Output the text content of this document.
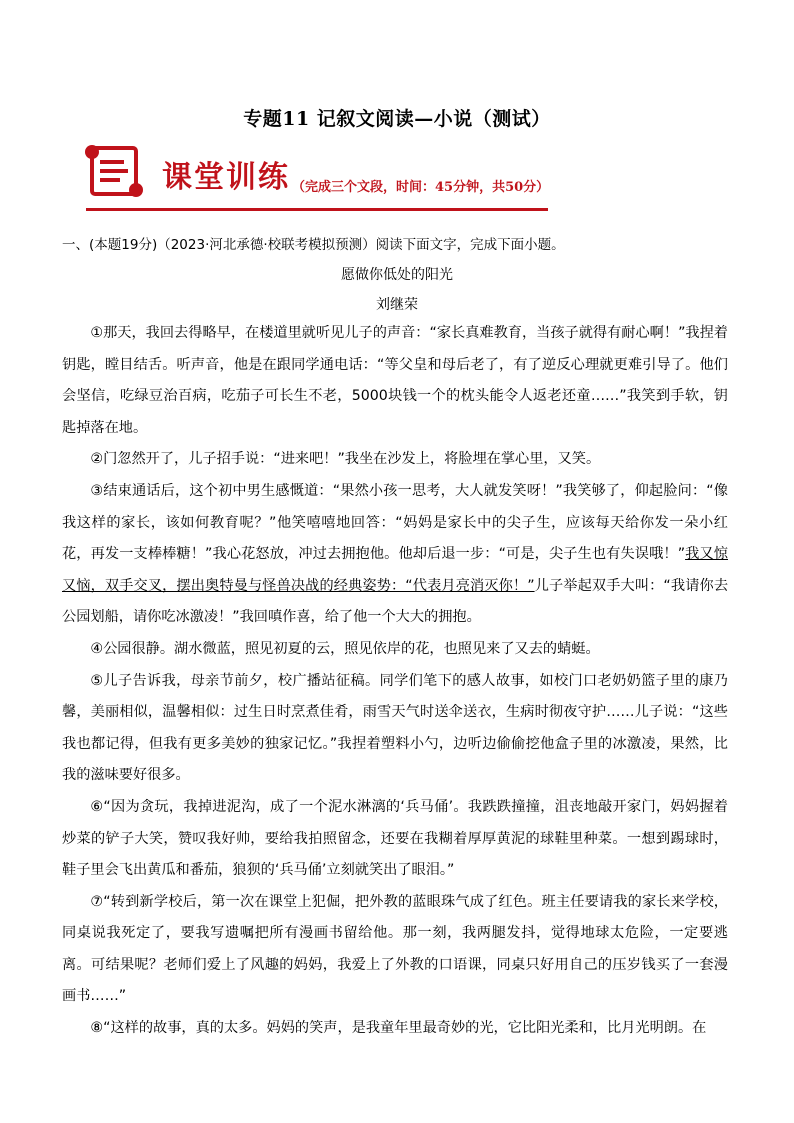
专题11 记叙文阅读—小说（测试）
课堂训练 （完成三个文段，时间：45分钟，共50分）
一、(本题19分)（2023·河北承德·校联考模拟预测）阅读下面文字，完成下面小题。
愿做你低处的阳光
刘继荣

①那天，我回去得略早，在楼道里就听见儿子的声音：“家长真难教育，当孩子就得有耐心啊！”我捏着钥匙，瞠目结舌。听声音，他是在跟同学通电话：“等父皇和母后老了，有了逆反心理就更难引导了。他们会坚信，吃绿豆治百病，吃茄子可长生不老，5000块钱一个的枕头能令人返老还童……”我笑到手软，钥匙掉落在地。

②门忽然开了，儿子招手说：“进来吧！”我坐在沙发上，将脸埋在掌心里，又笑。

③结束通话后，这个初中男生感慨道：“果然小孩一思考，大人就发笑呀！”我笑够了，仰起脸问：“像我这样的家长，该如何教育呢？”他笑嘻嘻地回答：“妈妈是家长中的尖子生，应该每天给你发一朵小红花，再发一支棒棒糖！”我心花怒放，冲过去拥抱他。他却后退一步：“可是，尖子生也有失误哦！”我又惊又恼，双手交叉，摆出奥特曼与怪兽决战的经典姿势：“代表月亮消灭你！”儿子举起双手大叫：“我请你去公园划船，请你吃冰激凌！”我回嗔作喜，给了他一个大大的拥抱。

④公园很静。湖水微蓝，照见初夏的云，照见依岸的花，也照见来了又去的蜻蜓。

⑤儿子告诉我，母亲节前夕，校广播站征稿。同学们笔下的感人故事，如校门口老奶奶篮子里的康乃馨，美丽相似，温馨相似：过生日时烹煮佳肴，雨雪天气时送伞送衣，生病时彻夜守护……儿子说：“这些我也都记得，但我有更多美妙的独家记忆。”我捏着塑料小勺，边听边偷偷挖他盒子里的冰激凌，果然，比我的滋味要好很多。

⑥“因为贪玩，我掉进泥沟，成了一个泥水淋漓的‘兵马俑’。我跌跌撞撞，沮丧地敲开家门，妈妈握着炒菜的铲子大笑，赞叹我好帅，要给我拍照留念，还要在我糊着厚厚黄泥的球鞋里种菜。一想到踢球时，鞋子里会飞出黄瓜和番茄，狼狈的‘兵马俑’立刻就笑出了眼泪。”

⑦“转到新学校后，第一次在课堂上犯倔，把外教的蓝眼珠气成了红色。班主任要请我的家长来学校，同桌说我死定了，要我写遗嘱把所有漫画书留给他。那一刻，我两腿发抖，觉得地球太危险，一定要逃离。可结果呢？老师们爱上了风趣的妈妈，我爱上了外教的口语课，同桌只好用自己的压岁钱买了一套漫画书……”

⑧“这样的故事，真的太多。妈妈的笑声，是我童年里最奇妙的光，它比阳光柔和，比月光明朗。在
